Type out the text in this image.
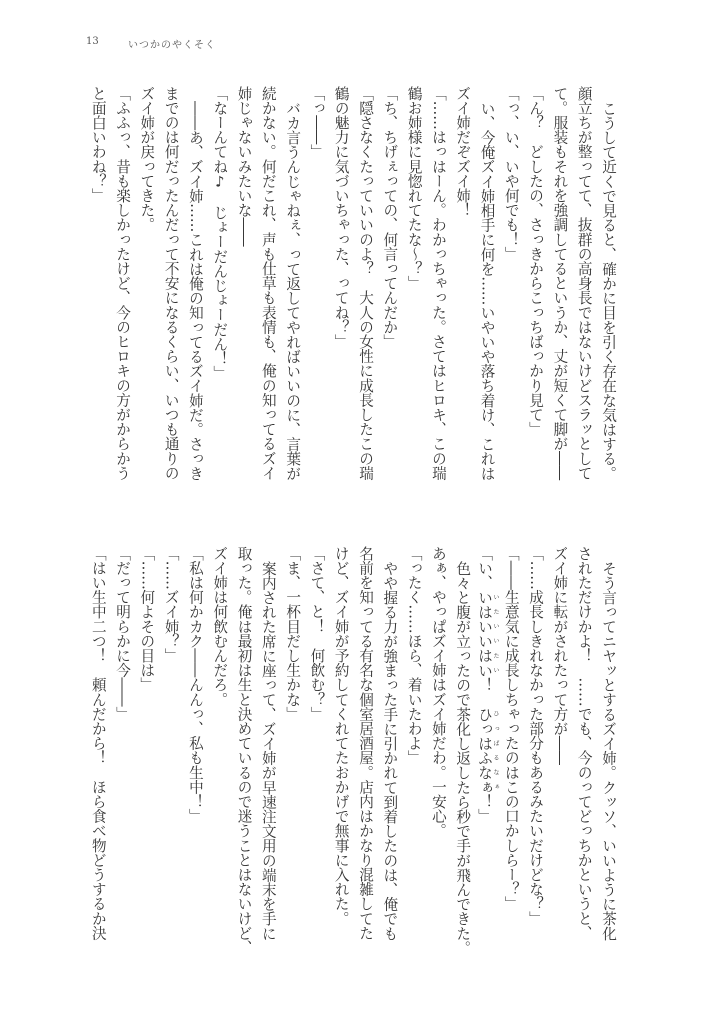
13	いつかのやくそく
こうして近くで見ると、確かに目を引く存在な気はする。
顔立ちが整ってて、抜群の高身長ではないけどスラッとして
て。服装もそれを強調してるというか、丈が短くて脚が――
「ん？　どしたの、さっきからこっちばっかり見て」
「っ、い、いや何でも！」
い、今俺ズイ姉相手に何を……いやいや落ち着け、これは
ズイ姉だぞズイ姉！
「……はっはーん。わかっちゃった。さてはヒロキ、この瑞
鶴お姉様に見惚れてたな～？」
「ち、ちげぇっての、何言ってんだか」
「隠さなくたっていいのよ？　大人の女性に成長したこの瑞
鶴の魅力に気づいちゃった、ってね？」
「っ――」
バカ言うんじゃねぇ、って返してやればいいのに、言葉が
続かない。何だこれ、声も仕草も表情も、俺の知ってるズイ
姉じゃないみたいな――
「なーんてね♪　じょーだんじょーだん！」
――あ、ズイ姉……これは俺の知ってるズイ姉だ。さっき
までのは何だったんだって不安になるくらい、いつも通りの
ズイ姉が戻ってきた。
「ふふっ、昔も楽しかったけど、今のヒロキの方がからかう
と面白いわね？」
そう言ってニヤッとするズイ姉。クッソ、いいように茶化
されただけかよ！　……でも、今のってどっちかというと、
ズイ姉に転がされたって方が――
「……成長しきれなかった部分もあるみたいだけどな？」
「――生意気に成長しちゃったのはこの口かしらー？」
「い、いはいいはい いたいいたい！　ひっはふなぁ ひっぱるなぁ！」
色々と腹が立ったので茶化し返したら秒で手が飛んできた。
あぁ、やっぱズイ姉はズイ姉だわ。一安心。
「ったく……ほら、着いたわよ」
やや握る力が強まった手に引かれて到着したのは、俺でも
名前を知ってる有名な個室居酒屋。店内はかなり混雑してた
けど、ズイ姉が予約してくれてたおかげで無事に入れた。
「さて、と！　何飲む？」
「ま、一杯目だし生かな」
案内された席に座って、ズイ姉が早速注文用の端末を手に
取った。俺は最初は生と決めているので迷うことはないけど、
ズイ姉は何飲むんだろ。
「私は何かカク――んんっ、私も生中！」
「……ズイ姉？」
「……何よその目は」
「だって明らかに今――」
「はい生中二つ！　頼んだから！　ほら食べ物どうするか決
